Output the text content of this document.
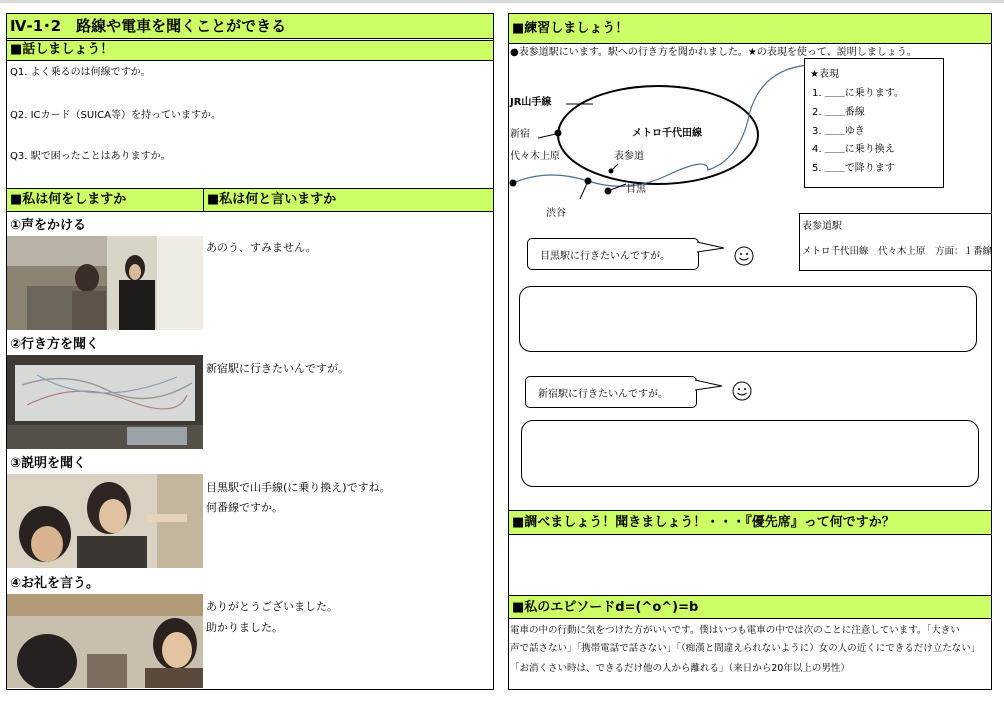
Ⅳ-1･2　路線や電車を聞くことができる
■話しましょう！
Q1. よく乗るのは何線ですか。
Q2. ICカード（SUICA等）を持っていますか。
Q3. 駅で困ったことはありますか。
■私は何をしますか	■私は何と言いますか
①声をかける
あのう、すみません。
②行き方を聞く
新宿駅に行きたいんですが。
③説明を聞く
目黒駅で山手線(に乗り換え)ですね。
何番線ですか。
④お礼を言う。
ありがとうございました。
助かりました。
■練習しましょう！
●表参道駅にいます。駅への行き方を聞かれました。★の表現を使って、説明しましょう。
JR山手線
新宿
代々木上原
メトロ千代田線
表参道
目黒
渋谷
★表現
1. ＿＿に乗ります。
2. ＿＿番線
3. ＿＿ゆき
4. ＿＿に乗り換え
5. ＿＿で降ります
表参道駅
メトロ千代田線　代々木上原　方面：１番線
目黒駅に行きたいんですが。
新宿駅に行きたいんですが。
■調べましょう！聞きましょう！・・・『優先席』って何ですか？
■私のエピソードd=(^o^)=b
電車の中の行動に気をつけた方がいいです。僕はいつも電車の中では次のことに注意しています。「大きい
声で話さない」「携帯電話で話さない」「（痴漢と間違えられないように）女の人の近くにできるだけ立たない」
「お消くさい時は、できるだけ他の人から離れる」（来日から20年以上の男性）
